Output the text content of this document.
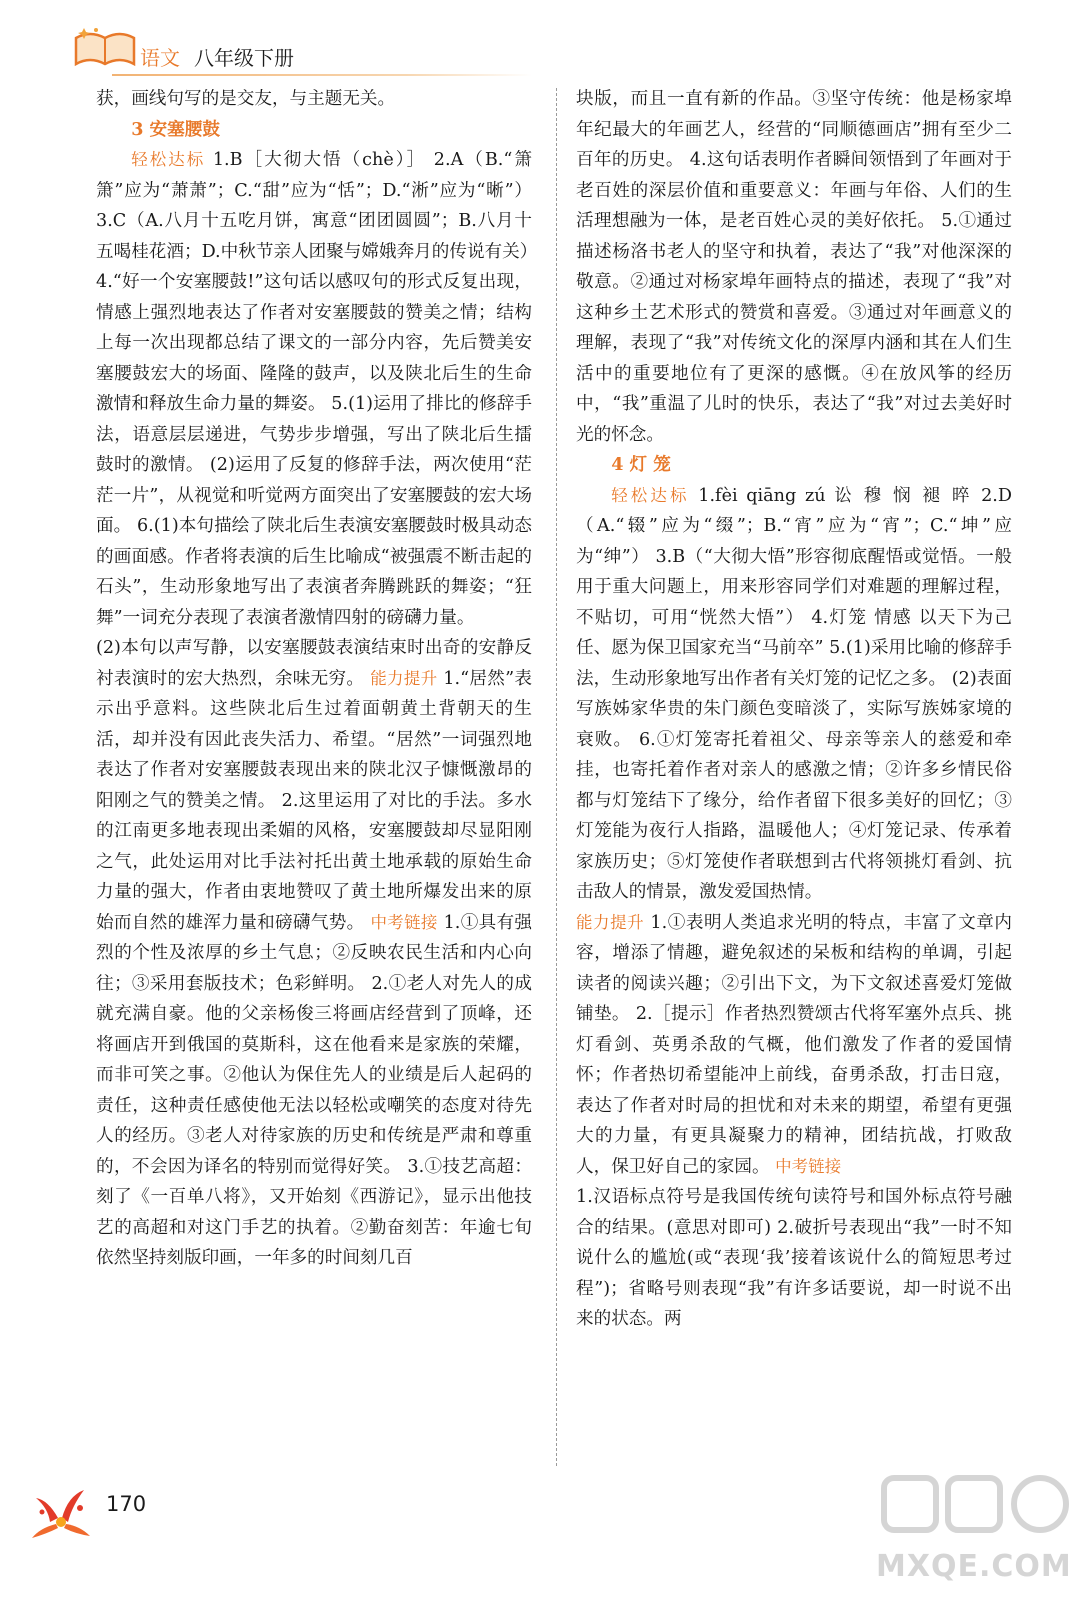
语文 八年级下册

获，画线句写的是交友，与主题无关。

3 安塞腰鼓

轻松达标 1.B［大彻大悟（chè）］ 2.A（B.“箫箫”应为“萧萧”；C.“甜”应为“恬”；D.“淅”应为“晰”） 3.C（A.八月十五吃月饼，寓意“团团圆圆”；B.八月十五喝桂花酒；D.中秋节亲人团聚与嫦娥奔月的传说有关）

4.“好一个安塞腰鼓!”这句话以感叹句的形式反复出现，情感上强烈地表达了作者对安塞腰鼓的赞美之情；结构上每一次出现都总结了课文的一部分内容，先后赞美安塞腰鼓宏大的场面、隆隆的鼓声，以及陕北后生的生命激情和释放生命力量的舞姿。 5.(1)运用了排比的修辞手法，语意层层递进，气势步步增强，写出了陕北后生擂鼓时的激情。 (2)运用了反复的修辞手法，两次使用“茫茫一片”，从视觉和听觉两方面突出了安塞腰鼓的宏大场面。 6.(1)本句描绘了陕北后生表演安塞腰鼓时极具动态的画面感。作者将表演的后生比喻成“被强震不断击起的石头”，生动形象地写出了表演者奔腾跳跃的舞姿；“狂舞”一词充分表现了表演者激情四射的磅礴力量。

(2)本句以声写静，以安塞腰鼓表演结束时出奇的安静反衬表演时的宏大热烈，余味无穷。 能力提升 1.“居然”表示出乎意料。这些陕北后生过着面朝黄土背朝天的生活，却并没有因此丧失活力、希望。“居然”一词强烈地表达了作者对安塞腰鼓表现出来的陕北汉子慷慨激昂的阳刚之气的赞美之情。 2.这里运用了对比的手法。多水的江南更多地表现出柔媚的风格，安塞腰鼓却尽显阳刚之气，此处运用对比手法衬托出黄土地承载的原始生命力量的强大，作者由衷地赞叹了黄土地所爆发出来的原始而自然的雄浑力量和磅礴气势。 中考链接 1.①具有强烈的个性及浓厚的乡土气息；②反映农民生活和内心向往；③采用套版技术；色彩鲜明。 2.①老人对先人的成就充满自豪。他的父亲杨俊三将画店经营到了顶峰，还将画店开到俄国的莫斯科，这在他看来是家族的荣耀，而非可笑之事。②他认为保住先人的业绩是后人起码的责任，这种责任感使他无法以轻松或嘲笑的态度对待先人的经历。③老人对待家族的历史和传统是严肃和尊重的，不会因为译名的特别而觉得好笑。 3.①技艺高超：刻了《一百单八将》，又开始刻《西游记》，显示出他技艺的高超和对这门手艺的执着。②勤奋刻苦：年逾七旬依然坚持刻版印画，一年多的时间刻几百

块版，而且一直有新的作品。③坚守传统：他是杨家埠年纪最大的年画艺人，经营的“同顺德画店”拥有至少二百年的历史。 4.这句话表明作者瞬间领悟到了年画对于老百姓的深层价值和重要意义：年画与年俗、人们的生活理想融为一体，是老百姓心灵的美好依托。 5.①通过描述杨洛书老人的坚守和执着，表达了“我”对他深深的敬意。②通过对杨家埠年画特点的描述，表现了“我”对这种乡土艺术形式的赞赏和喜爱。③通过对年画意义的理解，表现了“我”对传统文化的深厚内涵和其在人们生活中的重要地位有了更深的感慨。④在放风筝的经历中，“我”重温了儿时的快乐，表达了“我”对过去美好时光的怀念。

4 灯 笼

轻松达标 1.fèi qiāng zú 讼 穆 悯 褪 晬 2.D（A.“辍”应为“缀”；B.“宵”应为“宵”；C.“坤”应为“绅”） 3.B（“大彻大悟”形容彻底醒悟或觉悟。一般用于重大问题上，用来形容同学们对难题的理解过程，不贴切，可用“恍然大悟”） 4.灯笼 情感 以天下为己任、愿为保卫国家充当“马前卒” 5.(1)采用比喻的修辞手法，生动形象地写出作者有关灯笼的记忆之多。 (2)表面写族姊家华贵的朱门颜色变暗淡了，实际写族姊家境的衰败。 6.①灯笼寄托着祖父、母亲等亲人的慈爱和牵挂，也寄托着作者对亲人的感激之情；②许多乡情民俗都与灯笼结下了缘分，给作者留下很多美好的回忆；③灯笼能为夜行人指路，温暖他人；④灯笼记录、传承着家族历史；⑤灯笼使作者联想到古代将领挑灯看剑、抗击敌人的情景，激发爱国热情。

能力提升 1.①表明人类追求光明的特点，丰富了文章内容，增添了情趣，避免叙述的呆板和结构的单调，引起读者的阅读兴趣；②引出下文，为下文叙述喜爱灯笼做铺垫。 2.［提示］作者热烈赞颂古代将军塞外点兵、挑灯看剑、英勇杀敌的气概，他们激发了作者的爱国情怀；作者热切希望能冲上前线，奋勇杀敌，打击日寇，表达了作者对时局的担忧和对未来的期望，希望有更强大的力量，有更具凝聚力的精神，团结抗战，打败敌人，保卫好自己的家园。 中考链接

1.汉语标点符号是我国传统句读符号和国外标点符号融合的结果。(意思对即可) 2.破折号表现出“我”一时不知说什么的尴尬(或“表现‘我’接着该说什么的简短思考过程”)；省略号则表现“我”有许多话要说，却一时说不出来的状态。两

170
MXQE.COM
